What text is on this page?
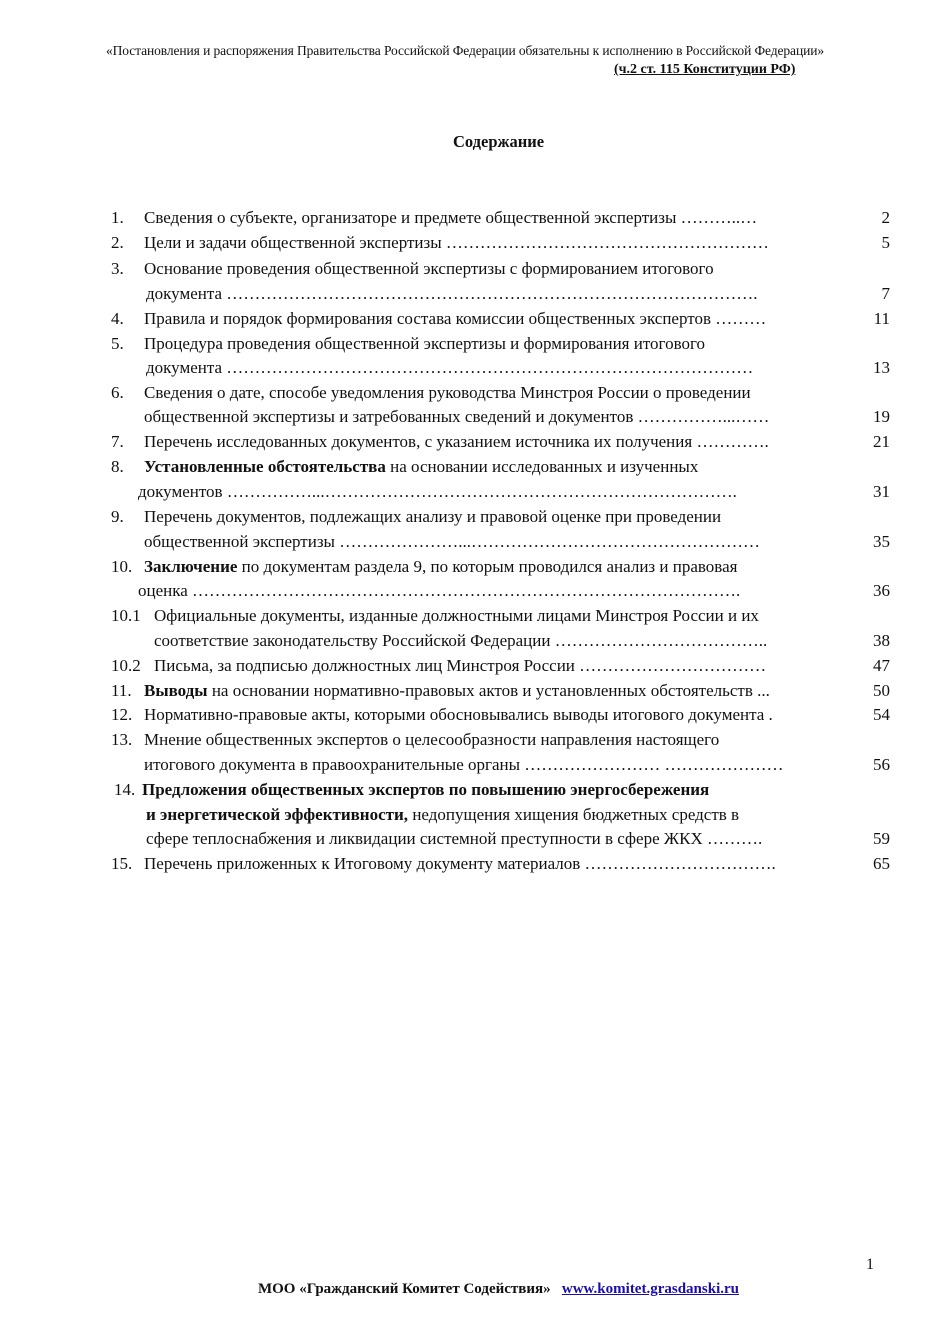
«Постановления и распоряжения Правительства Российской Федерации обязательны к исполнению в Российской Федерации»
(ч.2 ст. 115 Конституции РФ)
Содержание
1. Сведения о субъекте, организаторе и предмете общественной экспертизы ………..…	2
2. Цели и задачи общественной экспертизы …………………………………………………	5
3. Основание проведения общественной экспертизы с формированием итогового
документа ………………………………………………………………………………….	7
4. Правила и порядок формирования состава комиссии общественных экспертов ………	11
5. Процедура проведения общественной экспертизы и формирования итогового
документа …………………………………………………………………………………	13
6. Сведения о дате, способе уведомления руководства Минстроя России о проведении
общественной экспертизы и затребованных сведений и документов ……………...……	19
7. Перечень исследованных документов, с указанием источника их получения ………….	21
8. Установленные обстоятельства на основании исследованных и изученных
документов ……………...……………………………………………………………….	31
9. Перечень документов, подлежащих анализу и правовой оценке при проведении
общественной экспертизы …………………...……………………………………………	35
10. Заключение по документам раздела 9, по которым проводился анализ и правовая
оценка …………………………………………………………………………………….	36
10.1 Официальные документы, изданные должностными лицами Минстроя России и их
соответствие законодательству Российской Федерации ………………………………..	38
10.2 Письма, за подписью должностных лиц Минстроя России ……………………………	47
11. Выводы на основании нормативно-правовых актов и установленных обстоятельств ...	50
12. Нормативно-правовые акты, которыми обосновывались выводы итогового документа .	54
13. Мнение общественных экспертов о целесообразности направления настоящего
итогового документа в правоохранительные органы …………………… …………………	56
14. Предложения общественных экспертов по повышению энергосбережения
и энергетической эффективности, недопущения хищения бюджетных средств в
сфере теплоснабжения и ликвидации системной преступности в сфере ЖКХ ……….	59
15. Перечень приложенных к Итоговому документу материалов …………………………….	65
1
МОО «Гражданский Комитет Содействия» www.komitet.grasdanski.ru
